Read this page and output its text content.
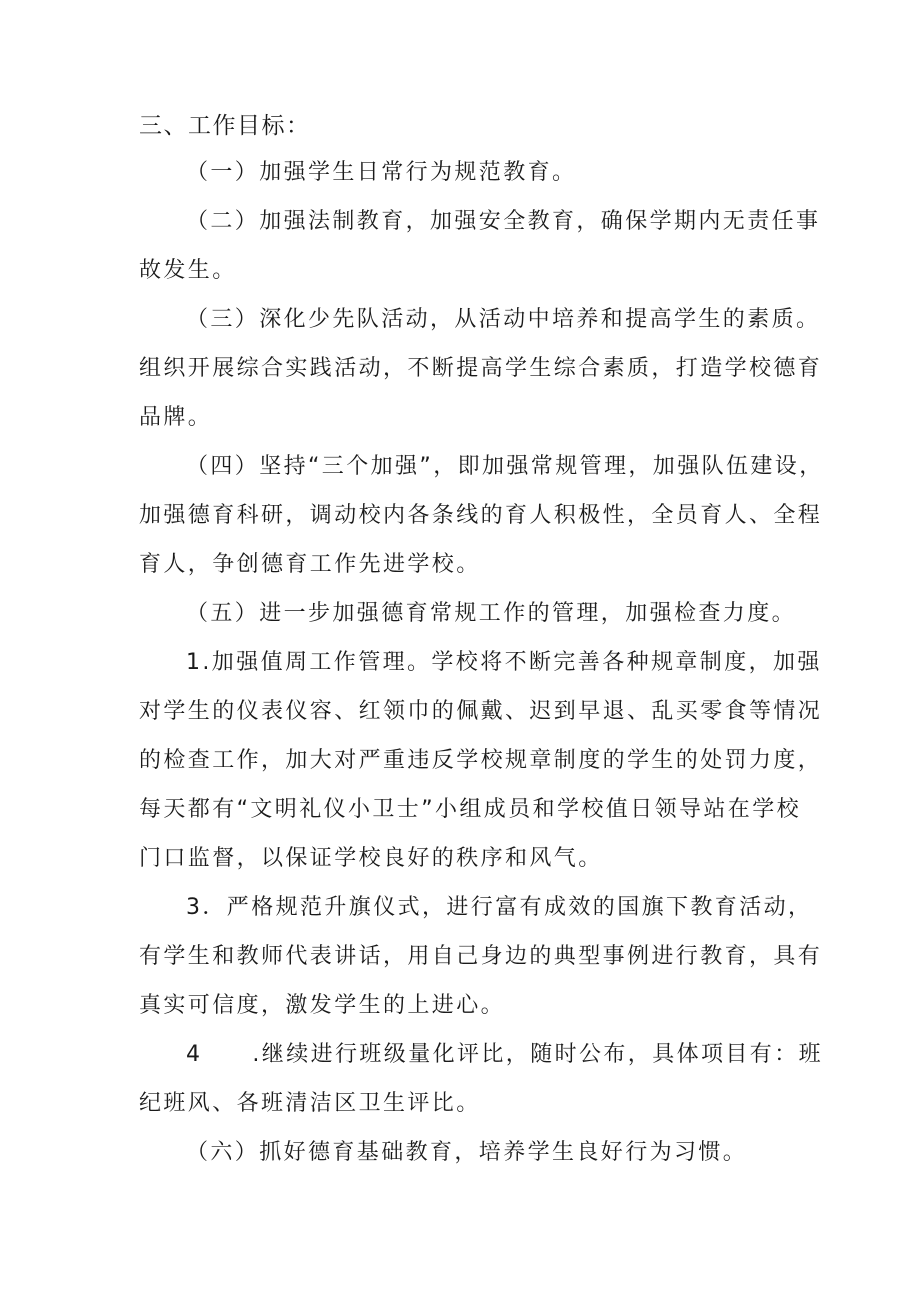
三、工作目标：
（一）加强学生日常行为规范教育。
（二）加强法制教育，加强安全教育，确保学期内无责任事
故发生。
（三）深化少先队活动，从活动中培养和提高学生的素质。
组织开展综合实践活动，不断提高学生综合素质，打造学校德育
品牌。
（四）坚持“三个加强”，即加强常规管理，加强队伍建设，
加强德育科研，调动校内各条线的育人积极性，全员育人、全程
育人，争创德育工作先进学校。
（五）进一步加强德育常规工作的管理，加强检查力度。
1.加强值周工作管理。学校将不断完善各种规章制度，加强
对学生的仪表仪容、红领巾的佩戴、迟到早退、乱买零食等情况
的检查工作，加大对严重违反学校规章制度的学生的处罚力度，
每天都有“文明礼仪小卫士”小组成员和学校值日领导站在学校
门口监督，以保证学校良好的秩序和风气。
3．严格规范升旗仪式，进行富有成效的国旗下教育活动，
有学生和教师代表讲话，用自己身边的典型事例进行教育，具有
真实可信度，激发学生的上进心。
4 .继续进行班级量化评比，随时公布，具体项目有：班
纪班风、各班清洁区卫生评比。
（六）抓好德育基础教育，培养学生良好行为习惯。
